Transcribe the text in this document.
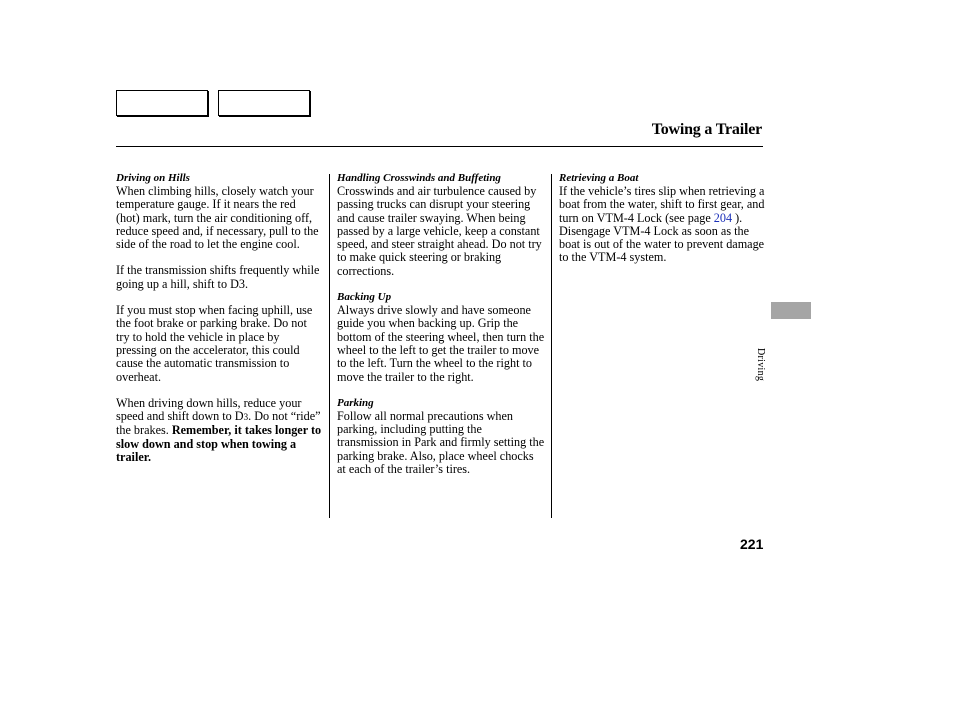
Towing a Trailer
Driving on Hills

When climbing hills, closely watch your temperature gauge. If it nears the red (hot) mark, turn the air conditioning off, reduce speed and, if necessary, pull to the side of the road to let the engine cool.

If the transmission shifts frequently while going up a hill, shift to D3.

If you must stop when facing uphill, use the foot brake or parking brake. Do not try to hold the vehicle in place by pressing on the accelerator, this could cause the automatic transmission to overheat.

When driving down hills, reduce your speed and shift down to D3. Do not “ride” the brakes. Remember, it takes longer to slow down and stop when towing a trailer.

Handling Crosswinds and Buffeting

Crosswinds and air turbulence caused by passing trucks can disrupt your steering and cause trailer swaying. When being passed by a large vehicle, keep a constant speed, and steer straight ahead. Do not try to make quick steering or braking corrections.

Backing Up

Always drive slowly and have someone guide you when backing up. Grip the bottom of the steering wheel, then turn the wheel to the left to get the trailer to move to the left. Turn the wheel to the right to move the trailer to the right.

Parking

Follow all normal precautions when parking, including putting the transmission in Park and firmly setting the parking brake. Also, place wheel chocks at each of the trailer’s tires.

Retrieving a Boat

If the vehicle’s tires slip when retrieving a boat from the water, shift to first gear, and turn on VTM-4 Lock (see page 204 ). Disengage VTM-4 Lock as soon as the boat is out of the water to prevent damage to the VTM-4 system.

Driving
221
